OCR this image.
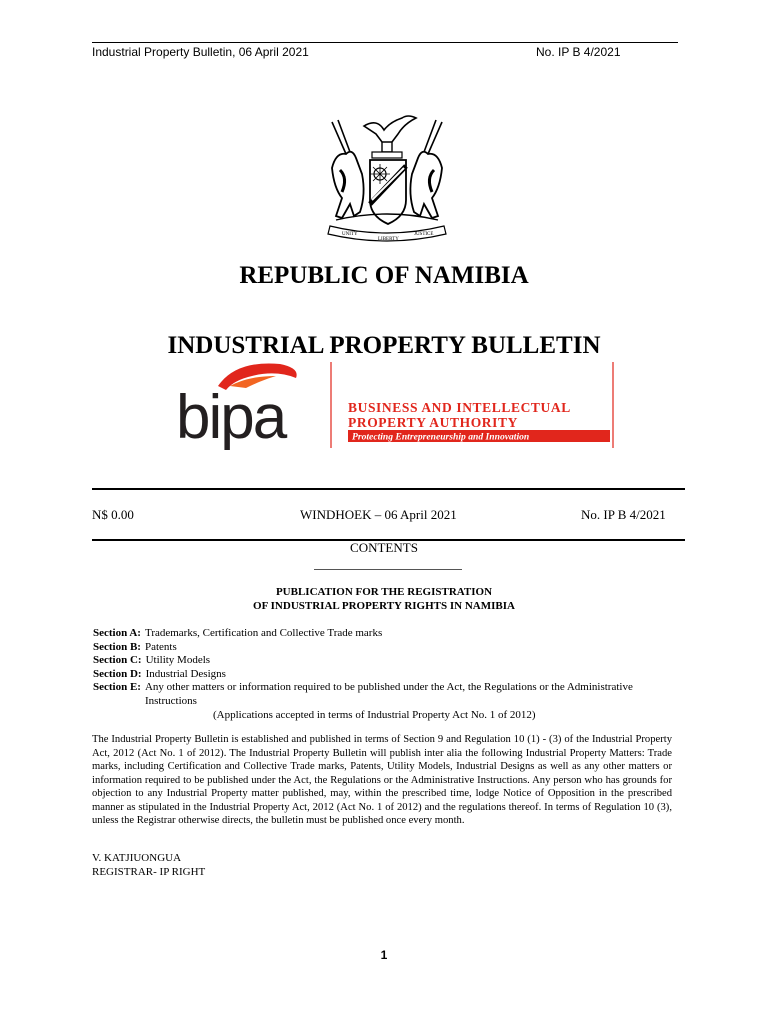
Industrial Property Bulletin, 06 April 2021	No. IP B 4/2021
UNITY
LIBERTY
JUSTICE
REPUBLIC OF NAMIBIA
INDUSTRIAL PROPERTY BULLETIN
bipa	BUSINESS AND INTELLECTUAL
PROPERTY AUTHORITY
Protecting Entrepreneurship and Innovation
N$ 0.00	WINDHOEK – 06 April 2021	No. IP B 4/2021
CONTENTS
PUBLICATION FOR THE REGISTRATION
OF INDUSTRIAL PROPERTY RIGHTS IN NAMIBIA
Section A: Trademarks, Certification and Collective Trade marks
Section B: Patents
Section C: Utility Models
Section D: Industrial Designs
Section E: Any other matters or information required to be published under the Act, the Regulations or the Administrative Instructions
(Applications accepted in terms of Industrial Property Act No. 1 of 2012)
The Industrial Property Bulletin is established and published in terms of Section 9 and Regulation 10 (1) - (3) of the Industrial Property Act, 2012 (Act No. 1 of 2012). The Industrial Property Bulletin will publish inter alia the following Industrial Property Matters: Trade marks, including Certification and Collective Trade marks, Patents, Utility Models, Industrial Designs as well as any other matters or information required to be published under the Act, the Regulations or the Administrative Instructions. Any person who has grounds for objection to any Industrial Property matter published, may, within the prescribed time, lodge Notice of Opposition in the prescribed manner as stipulated in the Industrial Property Act, 2012 (Act No. 1 of 2012) and the regulations thereof. In terms of Regulation 10 (3), unless the Registrar otherwise directs, the bulletin must be published once every month.
V. KATJIUONGUA
REGISTRAR- IP RIGHT
1
